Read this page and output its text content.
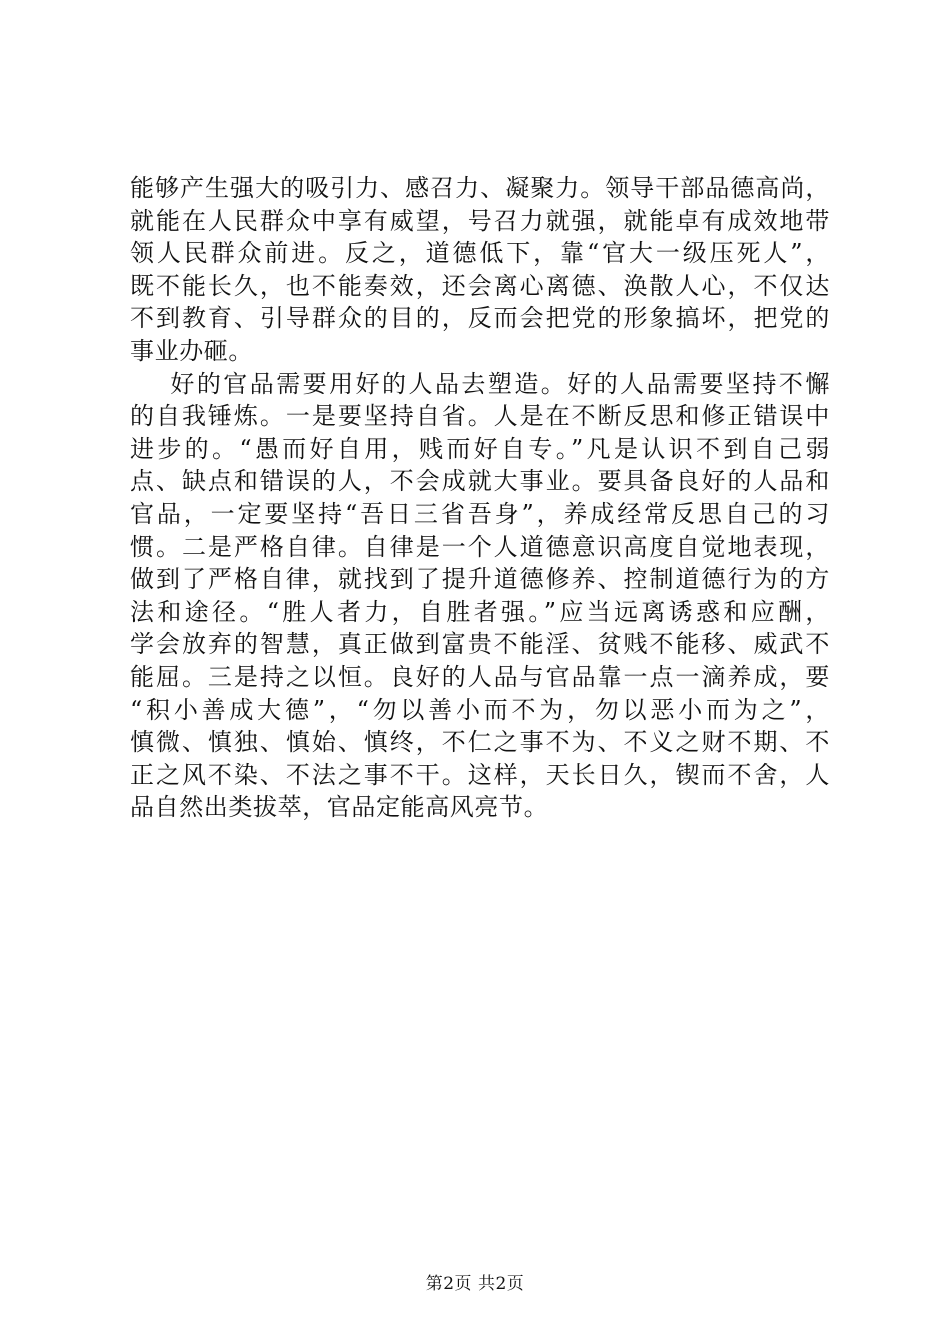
能够产生强大的吸引力、感召力、凝聚力。领导干部品德高尚，
就能在人民群众中享有威望，号召力就强，就能卓有成效地带
领人民群众前进。反之，道德低下，靠“官大一级压死人”，
既不能长久，也不能奏效，还会离心离德、涣散人心，不仅达
不到教育、引导群众的目的，反而会把党的形象搞坏，把党的
事业办砸。
好的官品需要用好的人品去塑造。好的人品需要坚持不懈
的自我锤炼。一是要坚持自省。人是在不断反思和修正错误中
进步的。“愚而好自用，贱而好自专。”凡是认识不到自己弱
点、缺点和错误的人，不会成就大事业。要具备良好的人品和
官品，一定要坚持“吾日三省吾身”，养成经常反思自己的习
惯。二是严格自律。自律是一个人道德意识高度自觉地表现，
做到了严格自律，就找到了提升道德修养、控制道德行为的方
法和途径。“胜人者力，自胜者强。”应当远离诱惑和应酬，
学会放弃的智慧，真正做到富贵不能淫、贫贱不能移、威武不
能屈。三是持之以恒。良好的人品与官品靠一点一滴养成，要
“积小善成大德”，“勿以善小而不为，勿以恶小而为之”，
慎微、慎独、慎始、慎终，不仁之事不为、不义之财不期、不
正之风不染、不法之事不干。这样，天长日久，锲而不舍，人
品自然出类拔萃，官品定能高风亮节。
第2页 共2页
